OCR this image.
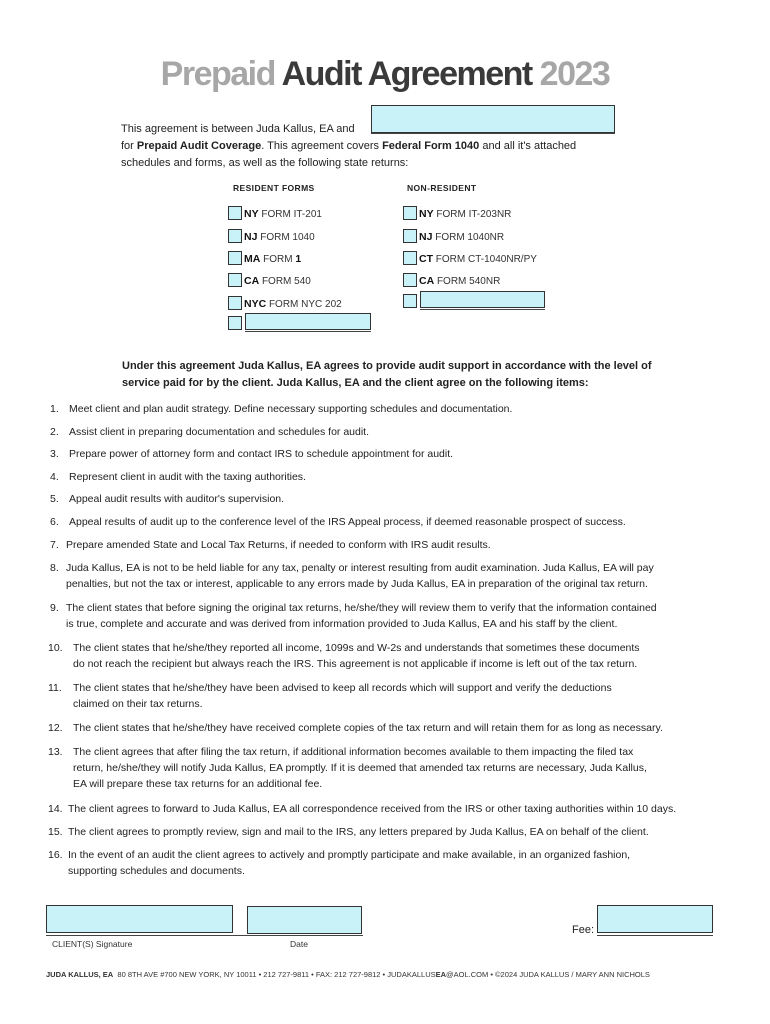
Prepaid Audit Agreement 2023
This agreement is between Juda Kallus, EA and
for Prepaid Audit Coverage. This agreement covers Federal Form 1040 and all it's attached
schedules and forms, as well as the following state returns:
RESIDENT FORMS	NON-RESIDENT
NY FORM IT-201
NJ FORM 1040
MA FORM 1
CA FORM 540
NYC FORM NYC 202
NY FORM IT-203NR
NJ FORM 1040NR
CT FORM CT-1040NR/PY
CA FORM 540NR
Under this agreement Juda Kallus, EA agrees to provide audit support in accordance with the level of
service paid for by the client. Juda Kallus, EA and the client agree on the following items:
1. Meet client and plan audit strategy. Define necessary supporting schedules and documentation.
2. Assist client in preparing documentation and schedules for audit.
3. Prepare power of attorney form and contact IRS to schedule appointment for audit.
4. Represent client in audit with the taxing authorities.
5. Appeal audit results with auditor's supervision.
6. Appeal results of audit up to the conference level of the IRS Appeal process, if deemed reasonable prospect of success.
7. Prepare amended State and Local Tax Returns, if needed to conform with IRS audit results.
8. Juda Kallus, EA is not to be held liable for any tax, penalty or interest resulting from audit examination. Juda Kallus, EA will pay
penalties, but not the tax or interest, applicable to any errors made by Juda Kallus, EA in preparation of the original tax return.
9. The client states that before signing the original tax returns, he/she/they will review them to verify that the information contained
is true, complete and accurate and was derived from information provided to Juda Kallus, EA and his staff by the client.
10. The client states that he/she/they reported all income, 1099s and W-2s and understands that sometimes these documents
do not reach the recipient but always reach the IRS. This agreement is not applicable if income is left out of the tax return.
11. The client states that he/she/they have been advised to keep all records which will support and verify the deductions
claimed on their tax returns.
12. The client states that he/she/they have received complete copies of the tax return and will retain them for as long as necessary.
13. The client agrees that after filing the tax return, if additional information becomes available to them impacting the filed tax
return, he/she/they will notify Juda Kallus, EA promptly. If it is deemed that amended tax returns are necessary, Juda Kallus,
EA will prepare these tax returns for an additional fee.
14. The client agrees to forward to Juda Kallus, EA all correspondence received from the IRS or other taxing authorities within 10 days.
15. The client agrees to promptly review, sign and mail to the IRS, any letters prepared by Juda Kallus, EA on behalf of the client.
16. In the event of an audit the client agrees to actively and promptly participate and make available, in an organized fashion,
supporting schedules and documents.
CLIENT(S) Signature	Date
Fee:
JUDA KALLUS, EA 80 8TH AVE #700 NEW YORK, NY 10011 • 212 727-9811 • FAX: 212 727-9812 • JUDAKALLUSEA@AOL.COM • ©2024 JUDA KALLUS / MARY ANN NICHOLS
